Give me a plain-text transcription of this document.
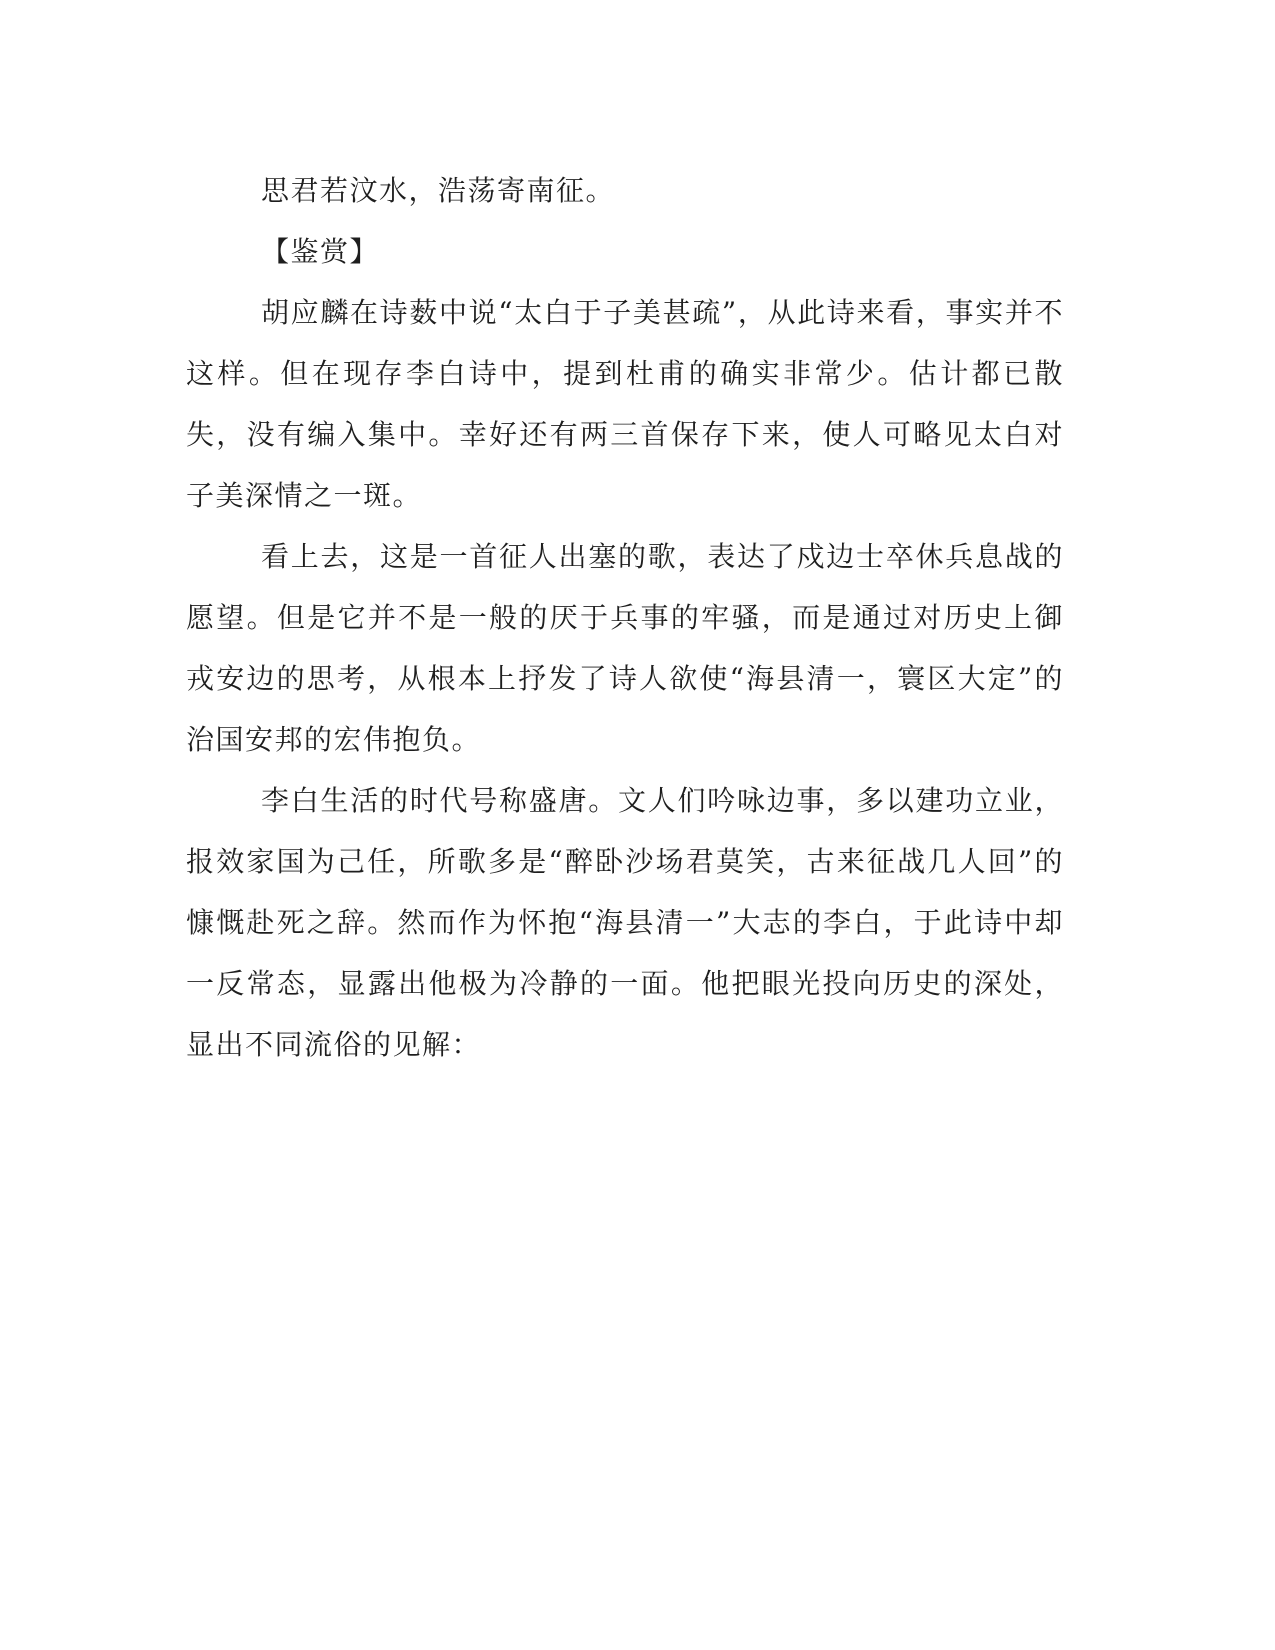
思君若汶水，浩荡寄南征。

【鉴赏】

胡应麟在诗薮中说“太白于子美甚疏”，从此诗来看，事实并不这样。但在现存李白诗中，提到杜甫的确实非常少。估计都已散失，没有编入集中。幸好还有两三首保存下来，使人可略见太白对子美深情之一斑。

看上去，这是一首征人出塞的歌，表达了戍边士卒休兵息战的愿望。但是它并不是一般的厌于兵事的牢骚，而是通过对历史上御戎安边的思考，从根本上抒发了诗人欲使“海县清一，寰区大定”的治国安邦的宏伟抱负。

李白生活的时代号称盛唐。文人们吟咏边事，多以建功立业，报效家国为己任，所歌多是“醉卧沙场君莫笑，古来征战几人回”的慷慨赴死之辞。然而作为怀抱“海县清一”大志的李白，于此诗中却一反常态，显露出他极为冷静的一面。他把眼光投向历史的深处，显出不同流俗的见解：
